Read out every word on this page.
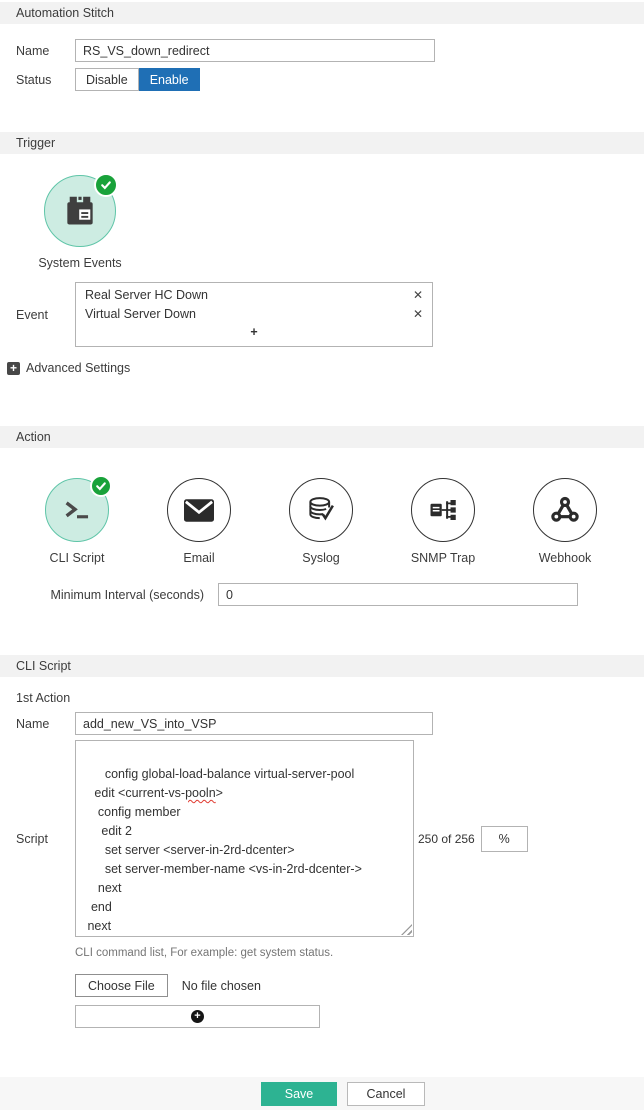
Automation Stitch
Name
RS_VS_down_redirect
Status	Disable	Enable
Trigger
System Events
Event
Real Server HC Down	✕
Virtual Server Down	✕
+
+ Advanced Settings
Action
CLI Script	Email	Syslog	SNMP Trap	Webhook
Minimum Interval (seconds)
0
CLI Script
1st Action
Name
add_new_VS_into_VSP
Script

config global-load-balance virtual-server-pool
edit <current-vs-pooln>
config member
edit 2
set server <server-in-2rd-dcenter>
set server-member-name <vs-in-2rd-dcenter->
next
end
next

250 of 256	%
CLI command list, For example: get system status.
Choose File	No file chosen
+
Save	Cancel
